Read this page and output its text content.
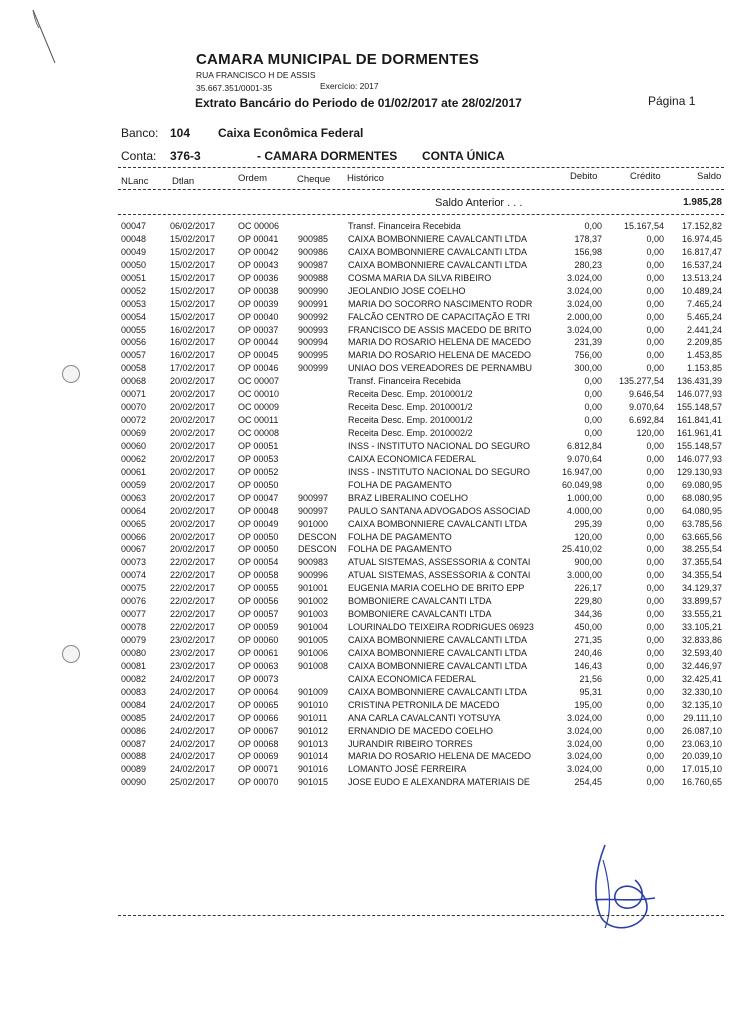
CAMARA MUNICIPAL DE DORMENTES
RUA FRANCISCO H DE ASSIS
35.667.351/0001-35	Exercício: 2017
Extrato Bancário do Periodo de 01/02/2017 ate 28/02/2017	Página 1
Banco: 104 Caixa Econômica Federal
Conta: 376-3	- CAMARA DORMENTES CONTA ÚNICA
NLanc Dtlan	Ordem	Cheque Histórico	Debito	Crédito	Saldo
Saldo Anterior . . .	1.985,28
00047	06/02/2017	OC 00006	Transf. Financeira Recebida	0,00	15.167,54	17.152,82
00048	15/02/2017	OP 00041 900985 CAIXA BOMBONNIERE CAVALCANTI LTDA	178,37	0,00	16.974,45
00049	15/02/2017	OP 00042 900986 CAIXA BOMBONNIERE CAVALCANTI LTDA	156,98	0,00	16.817,47
00050	15/02/2017	OP 00043 900987 CAIXA BOMBONNIERE CAVALCANTI LTDA	280,23	0,00	16.537,24
00051	15/02/2017	OP 00036 900988 COSMA MARIA DA SILVA RIBEIRO	3.024,00	0,00	13.513,24
00052	15/02/2017	OP 00038 900990 JEOLANDIO JOSE COELHO	3.024,00	0,00	10.489,24
00053	15/02/2017	OP 00039 900991 MARIA DO SOCORRO NASCIMENTO RODR	3.024,00	0,00	7.465,24
00054	15/02/2017	OP 00040 900992 FALCÃO CENTRO DE CAPACITAÇÃO E TRI	2.000,00	0,00	5.465,24
00055	16/02/2017	OP 00037 900993 FRANCISCO DE ASSIS MACEDO DE BRITO	3.024,00	0,00	2.441,24
00056	16/02/2017	OP 00044 900994 MARIA DO ROSARIO HELENA DE MACEDO	231,39	0,00	2.209,85
00057	16/02/2017	OP 00045 900995 MARIA DO ROSARIO HELENA DE MACEDO	756,00	0,00	1.453,85
00058	17/02/2017	OP 00046 900999 UNIAO DOS VEREADORES DE PERNAMBU	300,00	0,00	1.153,85
00068	20/02/2017	OC 00007	Transf. Financeira Recebida	0,00	135.277,54	136.431,39
00071	20/02/2017	OC 00010	Receita Desc. Emp. 2010001/2	0,00	9.646,54	146.077,93
00070	20/02/2017	OC 00009	Receita Desc. Emp. 2010001/2	0,00	9.070,64	155.148,57
00072	20/02/2017	OC 00011	Receita Desc. Emp. 2010001/2	0,00	6.692,84	161.841,41
00069	20/02/2017	OC 00008	Receita Desc. Emp. 2010002/2	0,00	120,00	161.961,41
00060	20/02/2017	OP 00051	INSS - INSTITUTO NACIONAL DO SEGURO	6.812,84	0,00	155.148,57
00062	20/02/2017	OP 00053	CAIXA ECONOMICA FEDERAL	9.070,64	0,00	146.077,93
00061	20/02/2017	OP 00052	INSS - INSTITUTO NACIONAL DO SEGURO	16.947,00	0,00	129.130,93
00059	20/02/2017	OP 00050	FOLHA DE PAGAMENTO	60.049,98	0,00	69.080,95
00063	20/02/2017	OP 00047 900997 BRAZ LIBERALINO COELHO	1.000,00	0,00	68.080,95
00064	20/02/2017	OP 00048 900997 PAULO SANTANA ADVOGADOS ASSOCIAD	4.000,00	0,00	64.080,95
00065	20/02/2017	OP 00049 901000 CAIXA BOMBONNIERE CAVALCANTI LTDA	295,39	0,00	63.785,56
00066	20/02/2017	OP 00050 DESCON FOLHA DE PAGAMENTO	120,00	0,00	63.665,56
00067	20/02/2017	OP 00050 DESCON FOLHA DE PAGAMENTO	25.410,02	0,00	38.255,54
00073	22/02/2017	OP 00054 900983 ATUAL SISTEMAS, ASSESSORIA & CONTAI	900,00	0,00	37.355,54
00074	22/02/2017	OP 00058 900996 ATUAL SISTEMAS, ASSESSORIA & CONTAI	3.000,00	0,00	34.355,54
00075	22/02/2017	OP 00055 901001 EUGENIA MARIA COELHO DE BRITO EPP	226,17	0,00	34.129,37
00076	22/02/2017	OP 00056 901002 BOMBONIERE CAVALCANTI LTDA	229,80	0,00	33.899,57
00077	22/02/2017	OP 00057 901003 BOMBONIERE CAVALCANTI LTDA	344,36	0,00	33.555,21
00078	22/02/2017	OP 00059 901004 LOURINALDO TEIXEIRA RODRIGUES 06923	450,00	0,00	33.105,21
00079	23/02/2017	OP 00060 901005 CAIXA BOMBONNIERE CAVALCANTI LTDA	271,35	0,00	32.833,86
00080	23/02/2017	OP 00061 901006 CAIXA BOMBONNIERE CAVALCANTI LTDA	240,46	0,00	32.593,40
00081	23/02/2017	OP 00063 901008 CAIXA BOMBONNIERE CAVALCANTI LTDA	146,43	0,00	32.446,97
00082	24/02/2017	OP 00073	CAIXA ECONOMICA FEDERAL	21,56	0,00	32.425,41
00083	24/02/2017	OP 00064 901009 CAIXA BOMBONNIERE CAVALCANTI LTDA	95,31	0,00	32.330,10
00084	24/02/2017	OP 00065 901010 CRISTINA PETRONILA DE MACEDO	195,00	0,00	32.135,10
00085	24/02/2017	OP 00066 901011 ANA CARLA CAVALCANTI YOTSUYA	3.024,00	0,00	29.111,10
00086	24/02/2017	OP 00067 901012 ERNANDIO DE MACEDO COELHO	3.024,00	0,00	26.087,10
00087	24/02/2017	OP 00068 901013 JURANDIR RIBEIRO TORRES	3.024,00	0,00	23.063,10
00088	24/02/2017	OP 00069 901014 MARIA DO ROSARIO HELENA DE MACEDO	3.024,00	0,00	20.039,10
00089	24/02/2017	OP 00071 901016 LOMANTO JOSÉ FERREIRA	3.024,00	0,00	17.015,10
00090	25/02/2017	OP 00070 901015 JOSE EUDO E ALEXANDRA MATERIAIS DE	254,45	0,00	16.760,65
